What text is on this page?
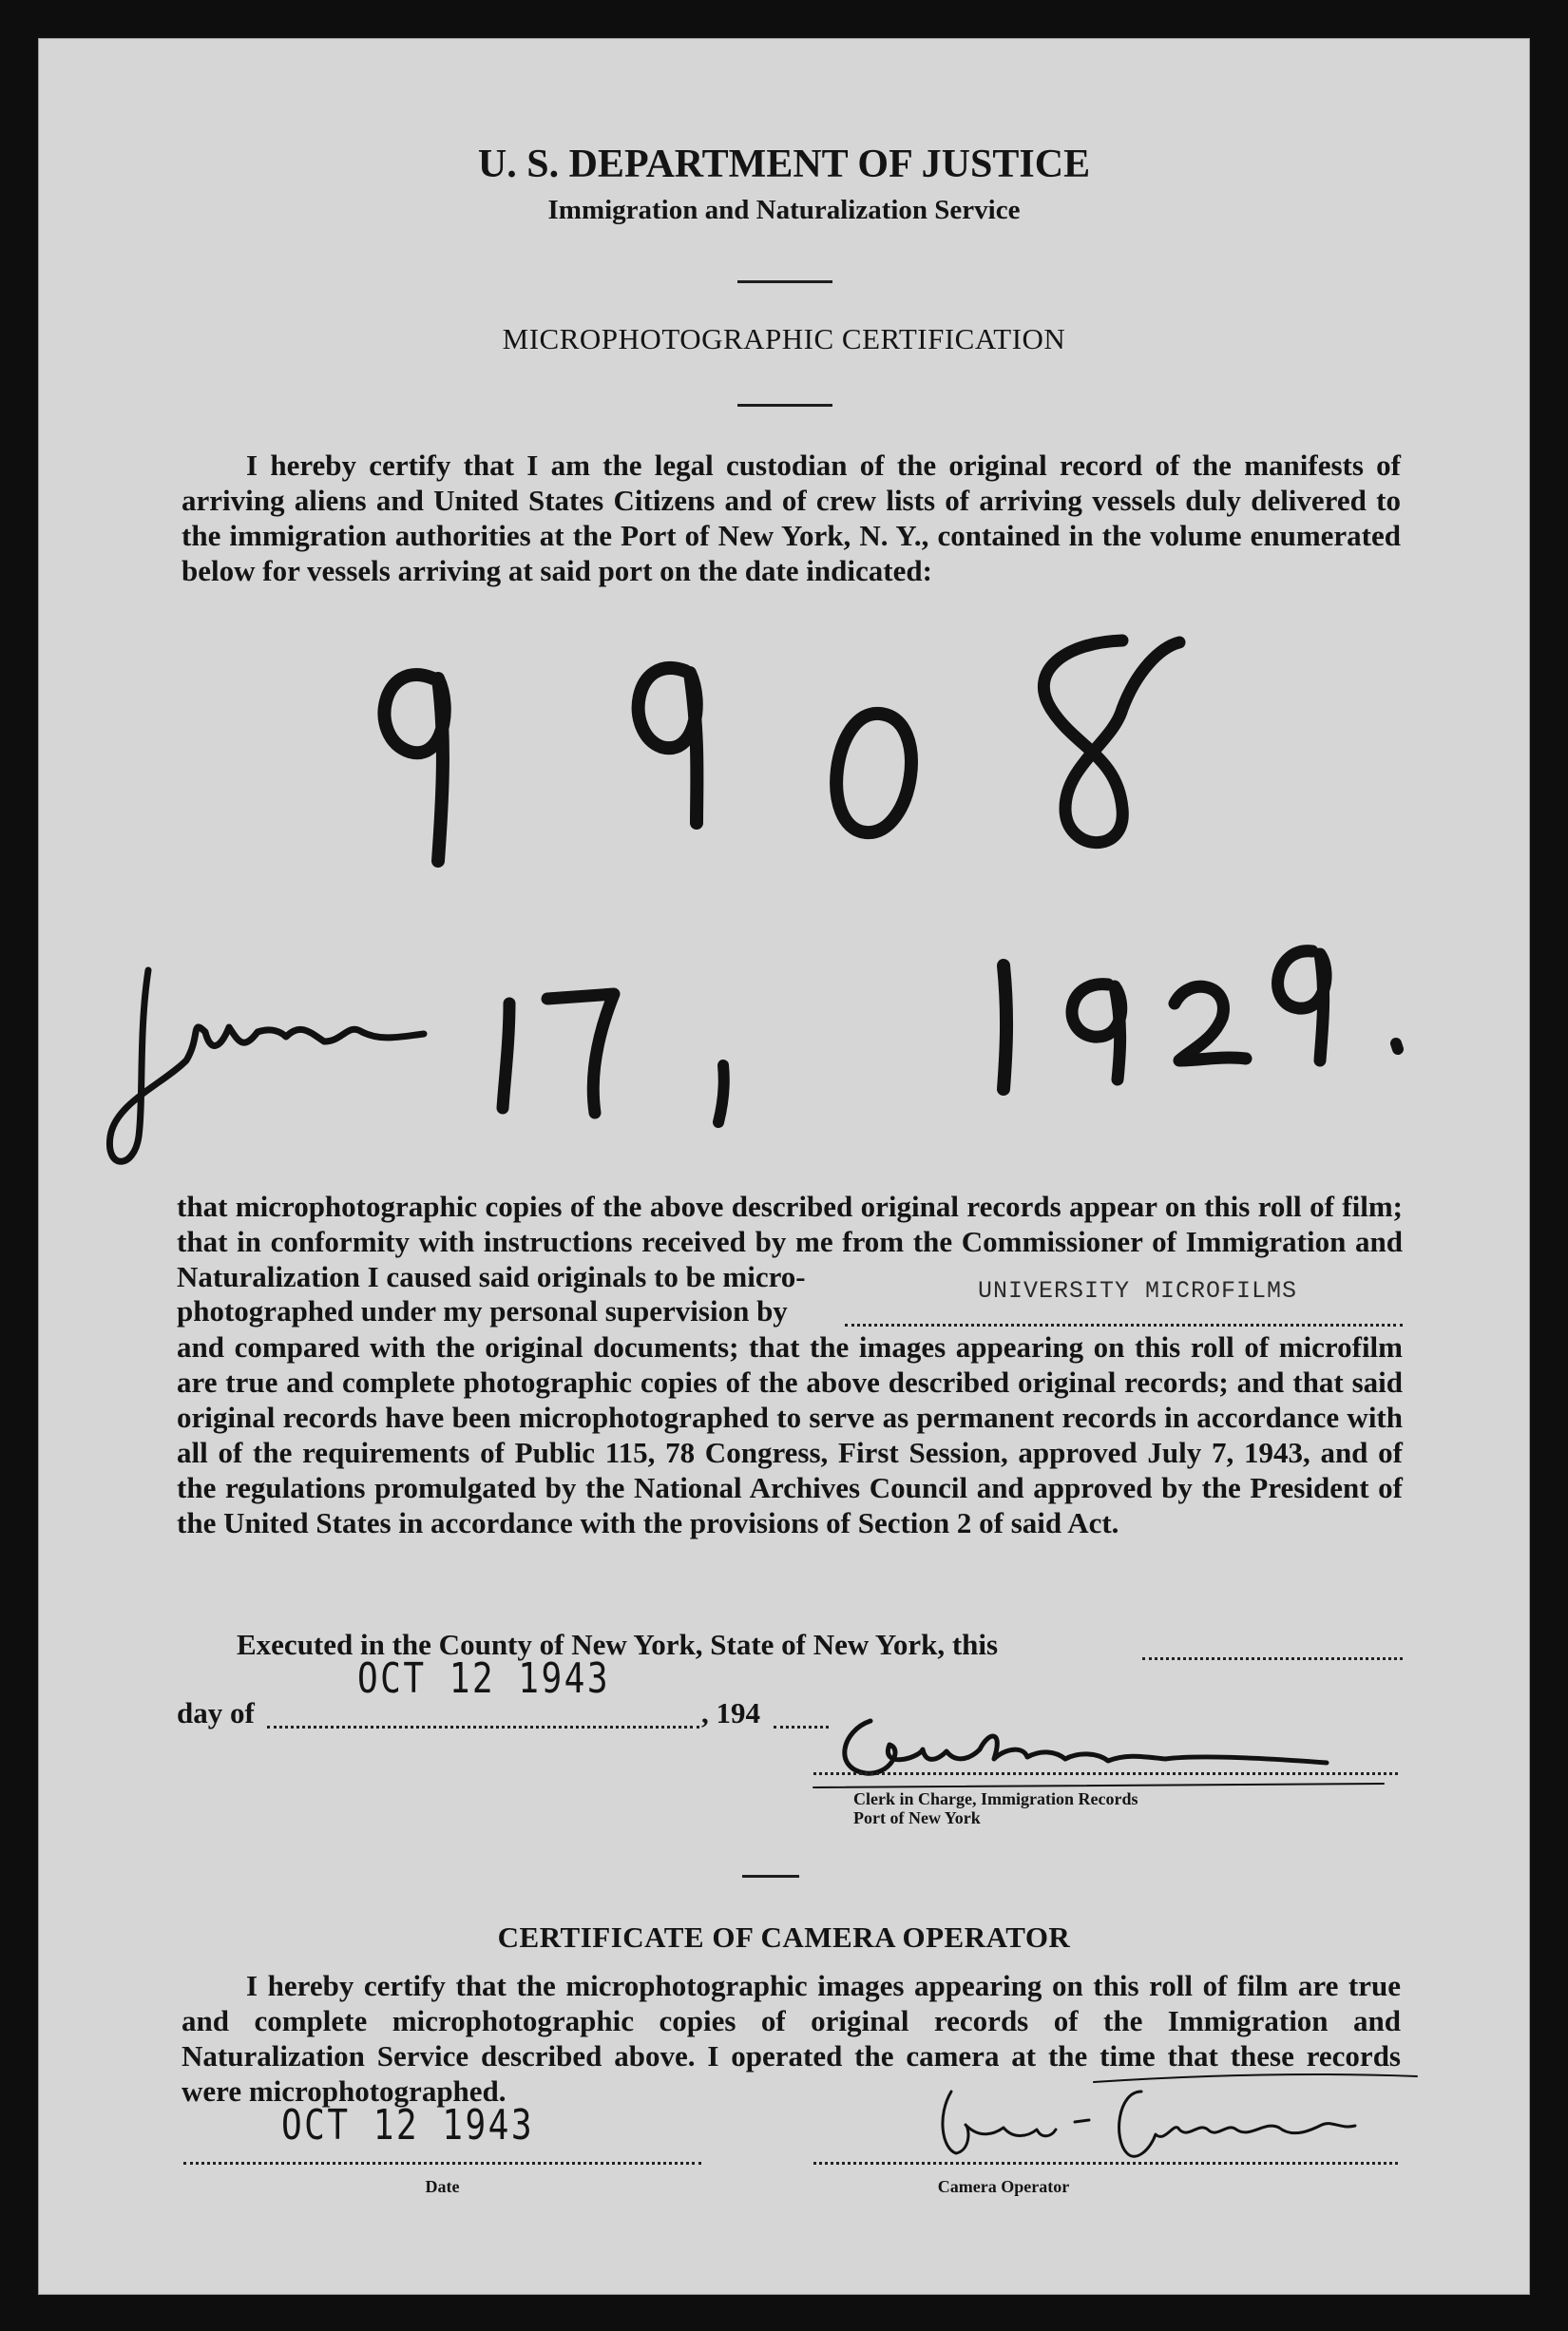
U. S. DEPARTMENT OF JUSTICE
Immigration and Naturalization Service
MICROPHOTOGRAPHIC CERTIFICATION
I hereby certify that I am the legal custodian of the original record of the manifests of arriving aliens and United States Citizens and of crew lists of arriving vessels duly delivered to the immigration authorities at the Port of New York, N. Y., contained in the volume enumerated below for vessels arriving at said port on the date indicated:
that microphotographic copies of the above described original records appear on this roll of film; that in conformity with instructions received by me from the Commissioner of Immigration and Naturalization I caused said originals to be micro-
photographed under my personal supervision by
UNIVERSITY MICROFILMS
and compared with the original documents; that the images appearing on this roll of microfilm are true and complete photographic copies of the above described original records; and that said original records have been microphotographed to serve as permanent records in accordance with all of the requirements of Public 115, 78 Congress, First Session, approved July 7, 1943, and of the regulations promulgated by the National Archives Council and approved by the President of the United States in accordance with the provisions of Section 2 of said Act.
Executed in the County of New York, State of New York, this
day of	, 194
OCT 12 1943
Clerk in Charge, Immigration Records
Port of New York
CERTIFICATE OF CAMERA OPERATOR
I hereby certify that the microphotographic images appearing on this roll of film are true and complete microphotographic copies of original records of the Immigration and Naturalization Service described above. I operated the camera at the time that these records were microphotographed.
OCT 12 1943
Date	Camera Operator
